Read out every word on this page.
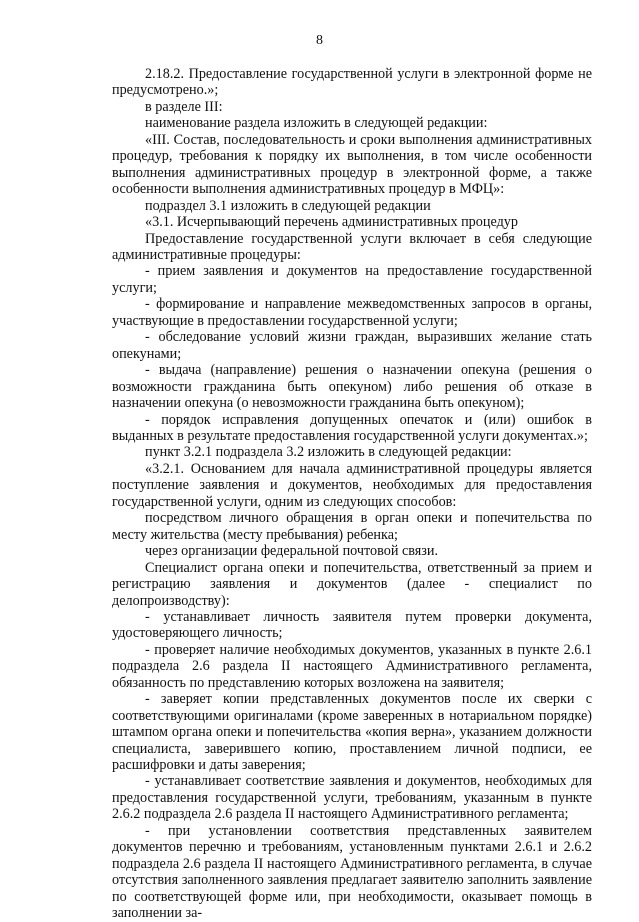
8

2.18.2. Предоставление государственной услуги в электронной форме не предусмотрено.»;

в разделе III:

наименование раздела изложить в следующей редакции:

«III. Состав, последовательность и сроки выполнения административных процедур, требования к порядку их выполнения, в том числе особенности выполнения административных процедур в электронной форме, а также особенности выполнения административных процедур в МФЦ»:

подраздел 3.1 изложить в следующей редакции

«3.1. Исчерпывающий перечень административных процедур

Предоставление государственной услуги включает в себя следующие административные процедуры:

- прием заявления и документов на предоставление государственной услуги;

- формирование и направление межведомственных запросов в органы, участвующие в предоставлении государственной услуги;

- обследование условий жизни граждан, выразивших желание стать опекунами;

- выдача (направление) решения о назначении опекуна (решения о возможности гражданина быть опекуном) либо решения об отказе в назначении опекуна (о невозможности гражданина быть опекуном);

- порядок исправления допущенных опечаток и (или) ошибок в выданных в результате предоставления государственной услуги документах.»;

пункт 3.2.1 подраздела 3.2 изложить в следующей редакции:

«3.2.1. Основанием для начала административной процедуры является поступление заявления и документов, необходимых для предоставления государственной услуги, одним из следующих способов:

посредством личного обращения в орган опеки и попечительства по месту жительства (месту пребывания) ребенка;

через организации федеральной почтовой связи.

Специалист органа опеки и попечительства, ответственный за прием и регистрацию заявления и документов (далее - специалист по делопроизводству):

- устанавливает личность заявителя путем проверки документа, удостоверяющего личность;

- проверяет наличие необходимых документов, указанных в пункте 2.6.1 подраздела 2.6 раздела II настоящего Административного регламента, обязанность по представлению которых возложена на заявителя;

- заверяет копии представленных документов после их сверки с соответствующими оригиналами (кроме заверенных в нотариальном порядке) штампом органа опеки и попечительства «копия верна», указанием должности специалиста, заверившего копию, проставлением личной подписи, ее расшифровки и даты заверения;

- устанавливает соответствие заявления и документов, необходимых для предоставления государственной услуги, требованиям, указанным в пункте 2.6.2 подраздела 2.6 раздела II настоящего Административного регламента;

- при установлении соответствия представленных заявителем документов перечню и требованиям, установленным пунктами 2.6.1 и 2.6.2 подраздела 2.6 раздела II настоящего Административного регламента, в случае отсутствия заполненного заявления предлагает заявителю заполнить заявление по соответствующей форме или, при необходимости, оказывает помощь в заполнении за-
